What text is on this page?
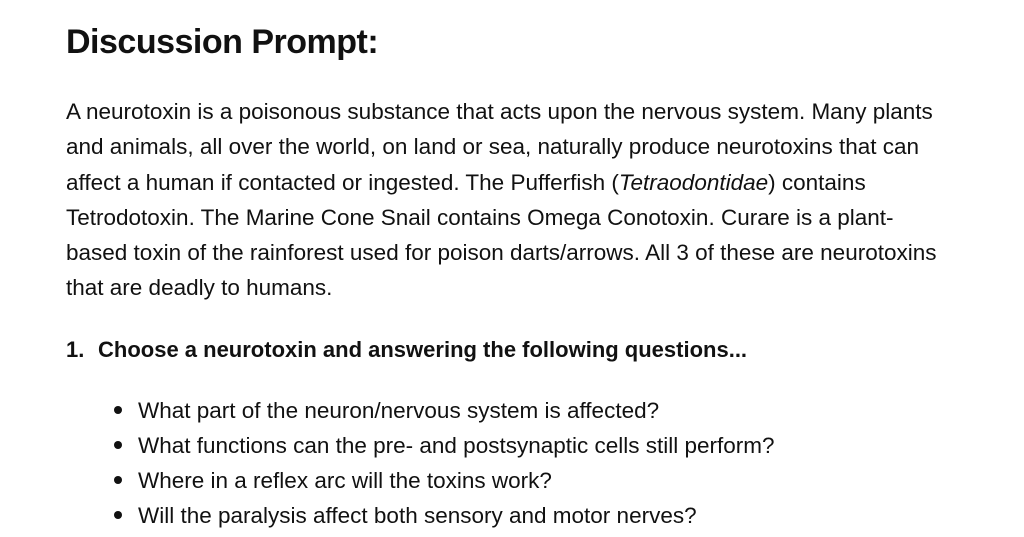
Discussion Prompt:

A neurotoxin is a poisonous substance that acts upon the nervous system. Many plants and animals, all over the world, on land or sea, naturally produce neurotoxins that can affect a human if contacted or ingested. The Pufferfish (Tetraodontidae) contains Tetrodotoxin. The Marine Cone Snail contains Omega Conotoxin. Curare is a plant-based toxin of the rainforest used for poison darts/arrows. All 3 of these are neurotoxins that are deadly to humans.

1. Choose a neurotoxin and answering the following questions...
What part of the neuron/nervous system is affected?
What functions can the pre- and postsynaptic cells still perform?
Where in a reflex arc will the toxins work?
Will the paralysis affect both sensory and motor nerves?
